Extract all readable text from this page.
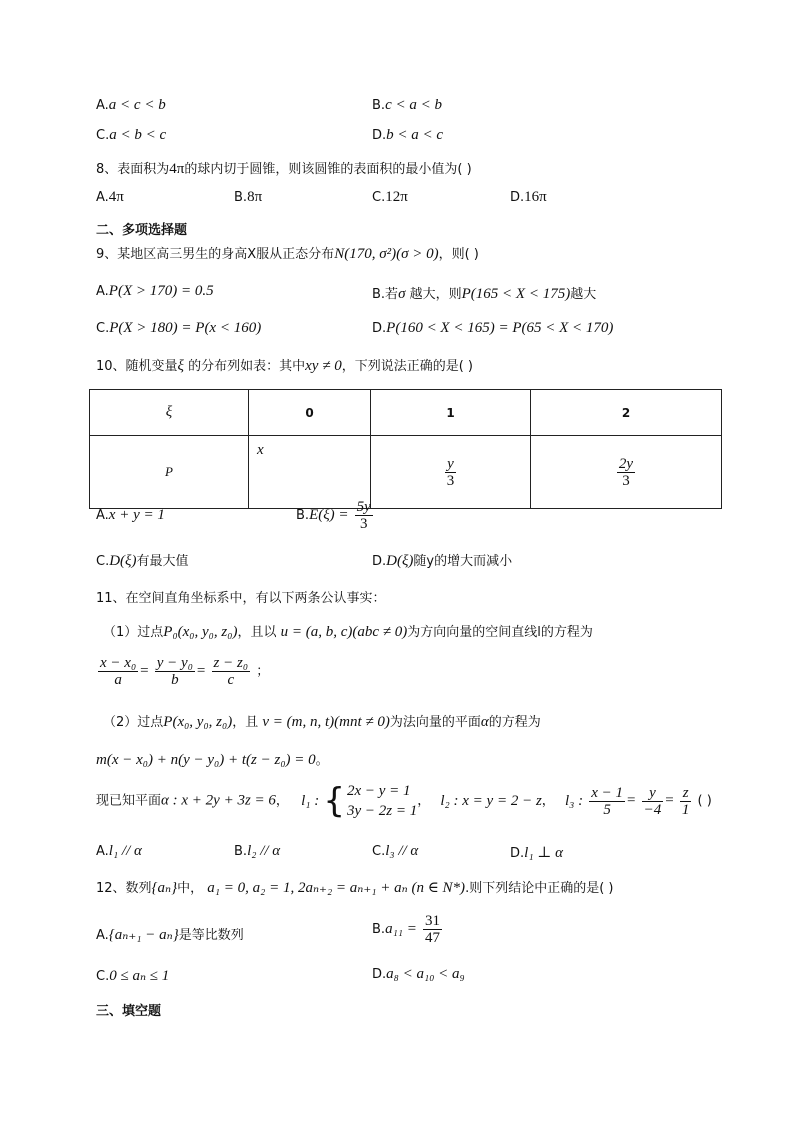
A.a < c < b	B.c < a < b
C.a < b < c	D.b < a < c
8、表面积为4π的球内切于圆锥，则该圆锥的表面积的最小值为( )
A.4π	B.8π	C.12π	D.16π
二、多项选择题
9、某地区高三男生的身高X服从正态分布N(170, σ²)(σ > 0)，则( )
A.P(X > 170) = 0.5	B.若σ 越大，则P(165 < X < 175)越大
C.P(X > 180) = P(x < 160)	D.P(160 < X < 165) = P(65 < X < 170)
10、随机变量ξ 的分布列如表：其中xy ≠ 0，下列说法正确的是( )
ξ	0	1	2
P	x	$\frac{y}{3}$	$\frac{2y}{3}$
A.x + y = 1	$B.E(\xi) = \frac{5y}{3}$
C.D(ξ)有最大值	D.D(ξ)随y的增大而减小
11、在空间直角坐标系中，有以下两条公认事实：
（1）过点P₀(x₀, y₀, z₀)，且以 u = (a, b, c)(abc ≠ 0)为方向向量的空间直线l的方程为
$\frac{\text{x − x₀}}{a} = \frac{\text{y − y₀}}{b} = \frac{\text{z − z₀}}{c}$ ；
（2）过点P(x₀, y₀, z₀)，且 v = (m, n, t)(mnt ≠ 0)为法向量的平面α的方程为
m(x − x₀) + n(y − y₀) + t(z − z₀) = 0。
现已知平面α : x + 2y + 3z = 6， l₁ : { 2x − y = 1
3y − 2z = 1， l₂ : x = y = 2 − z， l₃ : $\frac{x - 1}{5} = \frac{y}{-4} = \frac{z}{1}$ ( )
A.l₁ // α	B.l₂ // α	C.l₃ // α	D.l₁ ⊥ α
12、数列{aₙ}中， a₁ = 0, a₂ = 1, 2aₙ₊₂ = aₙ₊₁ + aₙ (n ∈ N*).则下列结论中正确的是( )
A.{aₙ₊₁ − aₙ}是等比数列	$B.a_{11} = \frac{31}{47}$
C.0 ≤ aₙ ≤ 1	D.a₈ < a₁₀ < a₉
三、填空题
